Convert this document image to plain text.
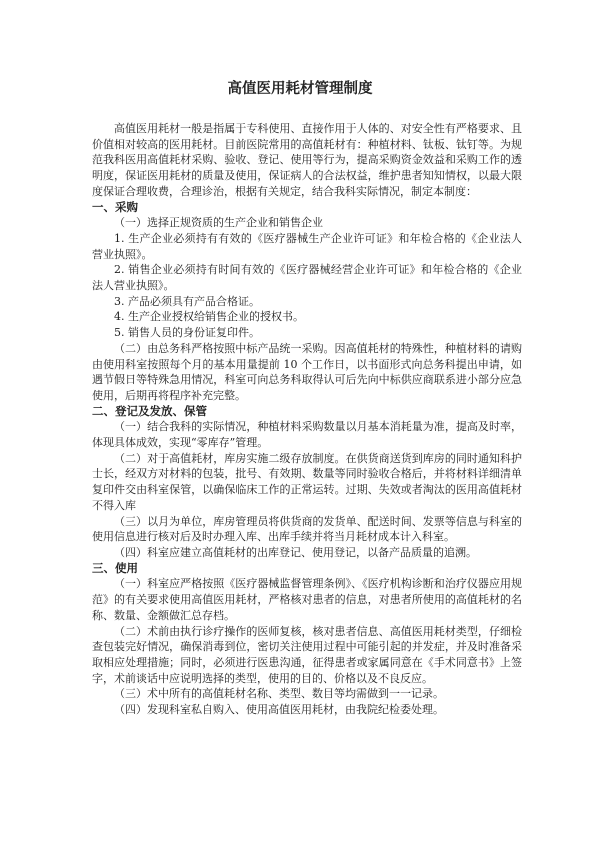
高值医用耗材管理制度

高值医用耗材一般是指属于专科使用、直接作用于人体的、对安全性有严格要求、且价值相对较高的医用耗材。目前医院常用的高值耗材有：种植材料、钛板、钛钉等。为规范我科医用高值耗材采购、验收、登记、使用等行为，提高采购资金效益和采购工作的透明度，保证医用耗材的质量及使用，保证病人的合法权益，维护患者知知情权，以最大限度保证合理收费，合理诊治，根据有关规定，结合我科实际情况，制定本制度：

一、采购

（一）选择正规资质的生产企业和销售企业

1. 生产企业必须持有有效的《医疗器械生产企业许可证》和年检合格的《企业法人营业执照》。

2. 销售企业必须持有时间有效的《医疗器械经营企业许可证》和年检合格的《企业法人营业执照》。

3. 产品必须具有产品合格证。

4. 生产企业授权给销售企业的授权书。

5. 销售人员的身份证复印件。

（二）由总务科严格按照中标产品统一采购。因高值耗材的特殊性，种植材料的请购由使用科室按照每个月的基本用量提前 10 个工作日，以书面形式向总务科提出申请，如遇节假日等特殊急用情况，科室可向总务科取得认可后先向中标供应商联系进小部分应急使用，后期再将程序补充完整。

二、登记及发放、保管

（一）结合我科的实际情况，种植材料采购数量以月基本消耗量为准，提高及时率，体现具体成效，实现“零库存”管理。

（二）对于高值耗材，库房实施二级存放制度。在供货商送货到库房的同时通知科护士长，经双方对材料的包装，批号、有效期、数量等同时验收合格后，并将材料详细清单复印件交由科室保管，以确保临床工作的正常运转。过期、失效或者淘汰的医用高值耗材不得入库

（三）以月为单位，库房管理员将供货商的发货单、配送时间、发票等信息与科室的使用信息进行核对后及时办理入库、出库手续并将当月耗材成本计入科室。

（四）科室应建立高值耗材的出库登记、使用登记，以备产品质量的追溯。

三、使用

（一）科室应严格按照《医疗器械监督管理条例》、《医疗机构诊断和治疗仪器应用规范》的有关要求使用高值医用耗材，严格核对患者的信息，对患者所使用的高值耗材的名称、数量、金额做汇总存档。

（二）术前由执行诊疗操作的医师复核，核对患者信息、高值医用耗材类型，仔细检查包装完好情况，确保消毒到位，密切关注使用过程中可能引起的并发症，并及时准备采取相应处理措施；同时，必须进行医患沟通，征得患者或家属同意在《手术同意书》上签字，术前谈话中应说明选择的类型，使用的目的、价格以及不良反应。

（三）术中所有的高值耗材名称、类型、数目等均需做到一一记录。

（四）发现科室私自购入、使用高值医用耗材，由我院纪检委处理。
